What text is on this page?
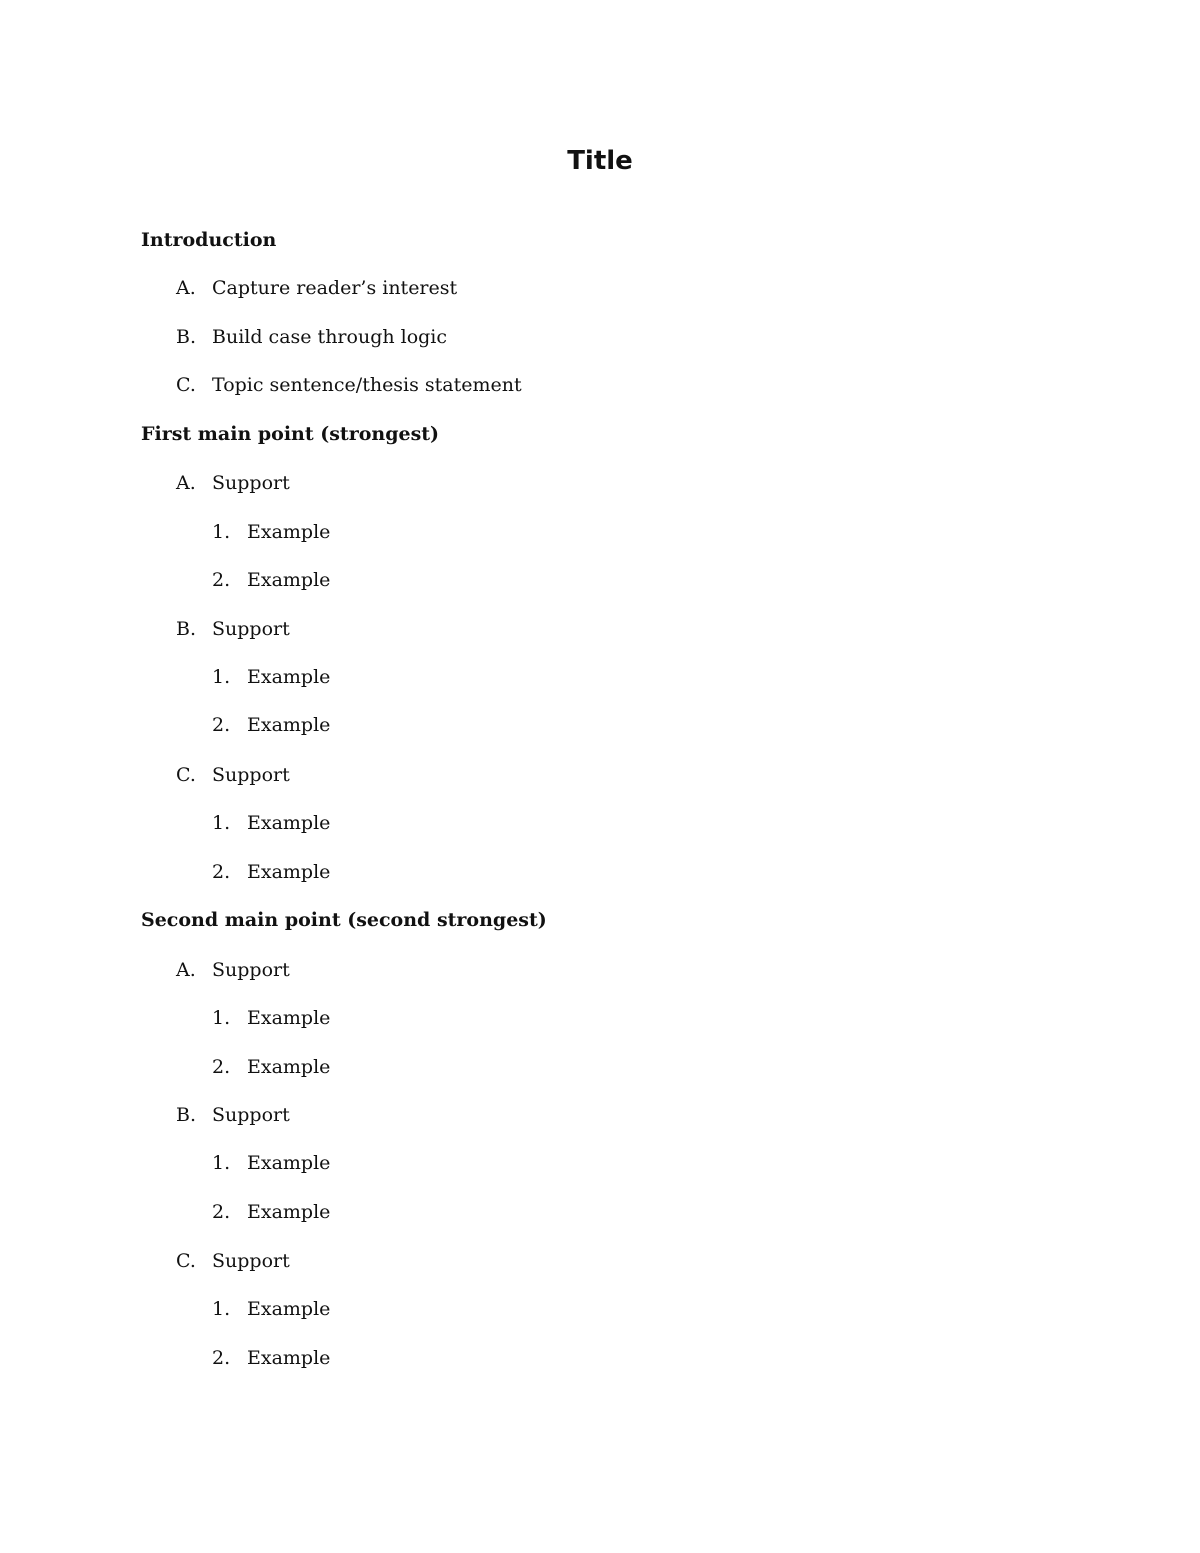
Title
Introduction
A. Capture reader’s interest
B. Build case through logic
C. Topic sentence/thesis statement
First main point (strongest)
A. Support
1. Example
2. Example
B. Support
1. Example
2. Example
C. Support
1. Example
2. Example
Second main point (second strongest)
A. Support
1. Example
2. Example
B. Support
1. Example
2. Example
C. Support
1. Example
2. Example
